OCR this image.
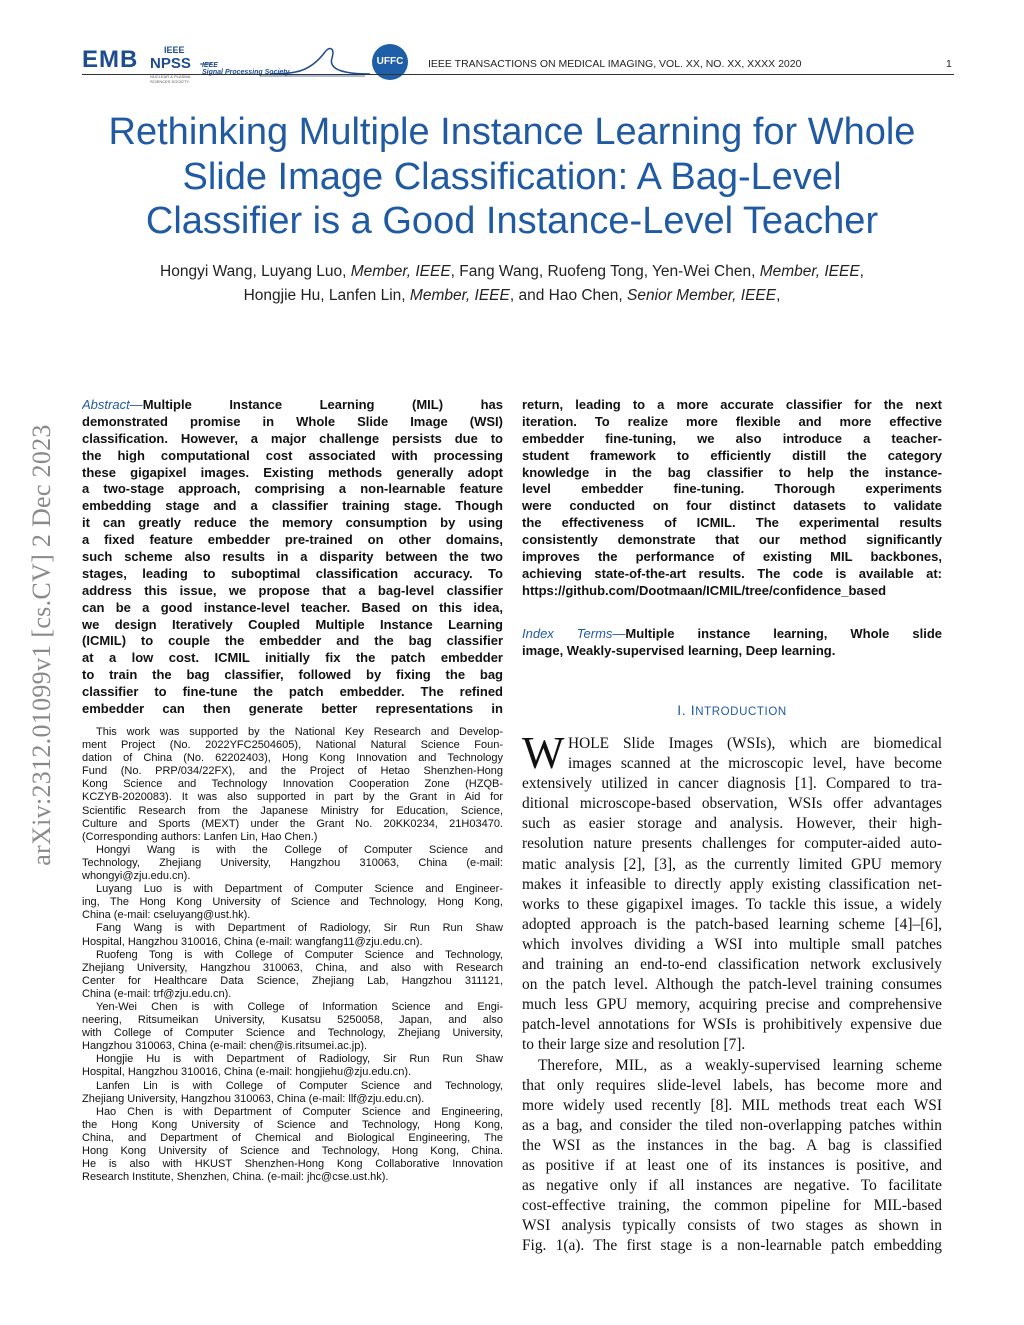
EMB	IEEE
NPSS
NUCLEAR & PLASMA SCIENCES SOCIETY
IEEE
Signal Processing Society
UFFC	IEEE TRANSACTIONS ON MEDICAL IMAGING, VOL. XX, NO. XX, XXXX 2020	1
Rethinking Multiple Instance Learning for Whole
Slide Image Classification: A Bag-Level
Classifier is a Good Instance-Level Teacher
Hongyi Wang, Luyang Luo, Member, IEEE, Fang Wang, Ruofeng Tong, Yen-Wei Chen, Member, IEEE,
Hongjie Hu, Lanfen Lin, Member, IEEE, and Hao Chen, Senior Member, IEEE,
arXiv:2312.01099v1 [cs.CV] 2 Dec 2023
Abstract—Multiple Instance Learning (MIL) has
demonstrated promise in Whole Slide Image (WSI)
classification. However, a major challenge persists due to
the high computational cost associated with processing
these gigapixel images. Existing methods generally adopt
a two-stage approach, comprising a non-learnable feature
embedding stage and a classifier training stage. Though
it can greatly reduce the memory consumption by using
a fixed feature embedder pre-trained on other domains,
such scheme also results in a disparity between the two
stages, leading to suboptimal classification accuracy. To
address this issue, we propose that a bag-level classifier
can be a good instance-level teacher. Based on this idea,
we design Iteratively Coupled Multiple Instance Learning
(ICMIL) to couple the embedder and the bag classifier
at a low cost. ICMIL initially fix the patch embedder
to train the bag classifier, followed by fixing the bag
classifier to fine-tune the patch embedder. The refined
embedder can then generate better representations in
return, leading to a more accurate classifier for the next
iteration. To realize more flexible and more effective
embedder fine-tuning, we also introduce a teacher-
student framework to efficiently distill the category
knowledge in the bag classifier to help the instance-
level embedder fine-tuning. Thorough experiments
were conducted on four distinct datasets to validate
the effectiveness of ICMIL. The experimental results
consistently demonstrate that our method significantly
improves the performance of existing MIL backbones,
achieving state-of-the-art results. The code is available at:
https://github.com/Dootmaan/ICMIL/tree/confidence_based
Index Terms—Multiple instance learning, Whole slide
image, Weakly-supervised learning, Deep learning.
This work was supported by the National Key Research and Develop-
ment Project (No. 2022YFC2504605), National Natural Science Foun-
dation of China (No. 62202403), Hong Kong Innovation and Technology
Fund (No. PRP/034/22FX), and the Project of Hetao Shenzhen-Hong
Kong Science and Technology Innovation Cooperation Zone (HZQB-
KCZYB-2020083). It was also supported in part by the Grant in Aid for
Scientific Research from the Japanese Ministry for Education, Science,
Culture and Sports (MEXT) under the Grant No. 20KK0234, 21H03470.
(Corresponding authors: Lanfen Lin, Hao Chen.)
Hongyi Wang is with the College of Computer Science and
Technology, Zhejiang University, Hangzhou 310063, China (e-mail:
whongyi@zju.edu.cn).
Luyang Luo is with Department of Computer Science and Engineer-
ing, The Hong Kong University of Science and Technology, Hong Kong,
China (e-mail: cseluyang@ust.hk).
Fang Wang is with Department of Radiology, Sir Run Run Shaw
Hospital, Hangzhou 310016, China (e-mail: wangfang11@zju.edu.cn).
Ruofeng Tong is with College of Computer Science and Technology,
Zhejiang University, Hangzhou 310063, China, and also with Research
Center for Healthcare Data Science, Zhejiang Lab, Hangzhou 311121,
China (e-mail: trf@zju.edu.cn).
Yen-Wei Chen is with College of Information Science and Engi-
neering, Ritsumeikan University, Kusatsu 5250058, Japan, and also
with College of Computer Science and Technology, Zhejiang University,
Hangzhou 310063, China (e-mail: chen@is.ritsumei.ac.jp).
Hongjie Hu is with Department of Radiology, Sir Run Run Shaw
Hospital, Hangzhou 310016, China (e-mail: hongjiehu@zju.edu.cn).
Lanfen Lin is with College of Computer Science and Technology,
Zhejiang University, Hangzhou 310063, China (e-mail: llf@zju.edu.cn).
Hao Chen is with Department of Computer Science and Engineering,
the Hong Kong University of Science and Technology, Hong Kong,
China, and Department of Chemical and Biological Engineering, The
Hong Kong University of Science and Technology, Hong Kong, China.
He is also with HKUST Shenzhen-Hong Kong Collaborative Innovation
Research Institute, Shenzhen, China. (e-mail: jhc@cse.ust.hk).
I. INTRODUCTION
W HOLE Slide Images (WSIs), which are biomedical
images scanned at the microscopic level, have become
extensively utilized in cancer diagnosis [1]. Compared to tra-
ditional microscope-based observation, WSIs offer advantages
such as easier storage and analysis. However, their high-
resolution nature presents challenges for computer-aided auto-
matic analysis [2], [3], as the currently limited GPU memory
makes it infeasible to directly apply existing classification net-
works to these gigapixel images. To tackle this issue, a widely
adopted approach is the patch-based learning scheme [4]–[6],
which involves dividing a WSI into multiple small patches
and training an end-to-end classification network exclusively
on the patch level. Although the patch-level training consumes
much less GPU memory, acquiring precise and comprehensive
patch-level annotations for WSIs is prohibitively expensive due
to their large size and resolution [7].
Therefore, MIL, as a weakly-supervised learning scheme
that only requires slide-level labels, has become more and
more widely used recently [8]. MIL methods treat each WSI
as a bag, and consider the tiled non-overlapping patches within
the WSI as the instances in the bag. A bag is classified
as positive if at least one of its instances is positive, and
as negative only if all instances are negative. To facilitate
cost-effective training, the common pipeline for MIL-based
WSI analysis typically consists of two stages as shown in
Fig. 1(a). The first stage is a non-learnable patch embedding
